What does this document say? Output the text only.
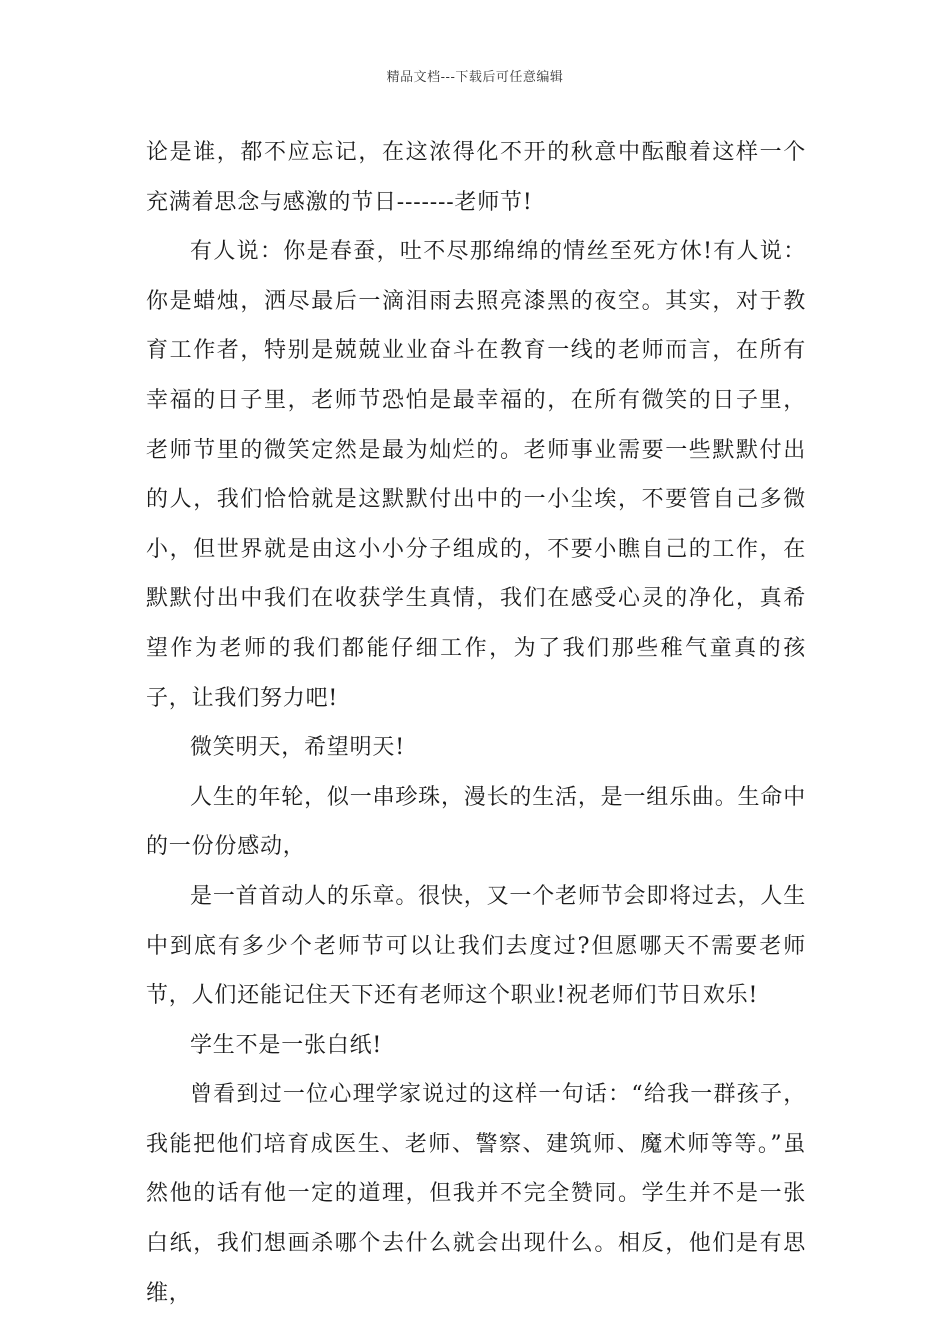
精品文档---下载后可任意编辑

论是谁，都不应忘记，在这浓得化不开的秋意中酝酿着这样一个充满着思念与感激的节日-------老师节!

有人说：你是春蚕，吐不尽那绵绵的情丝至死方休!有人说：你是蜡烛，洒尽最后一滴泪雨去照亮漆黑的夜空。其实，对于教育工作者，特别是兢兢业业奋斗在教育一线的老师而言，在所有幸福的日子里，老师节恐怕是最幸福的，在所有微笑的日子里，老师节里的微笑定然是最为灿烂的。老师事业需要一些默默付出的人，我们恰恰就是这默默付出中的一小尘埃，不要管自己多微小，但世界就是由这小小分子组成的，不要小瞧自己的工作，在默默付出中我们在收获学生真情，我们在感受心灵的净化，真希望作为老师的我们都能仔细工作，为了我们那些稚气童真的孩子，让我们努力吧!

微笑明天，希望明天!

人生的年轮，似一串珍珠，漫长的生活，是一组乐曲。生命中的一份份感动，

是一首首动人的乐章。很快，又一个老师节会即将过去，人生中到底有多少个老师节可以让我们去度过?但愿哪天不需要老师节，人们还能记住天下还有老师这个职业!祝老师们节日欢乐!

学生不是一张白纸!

曾看到过一位心理学家说过的这样一句话：“给我一群孩子，我能把他们培育成医生、老师、警察、建筑师、魔术师等等。”虽然他的话有他一定的道理，但我并不完全赞同。学生并不是一张白纸，我们想画杀哪个去什么就会出现什么。相反，他们是有思维，
